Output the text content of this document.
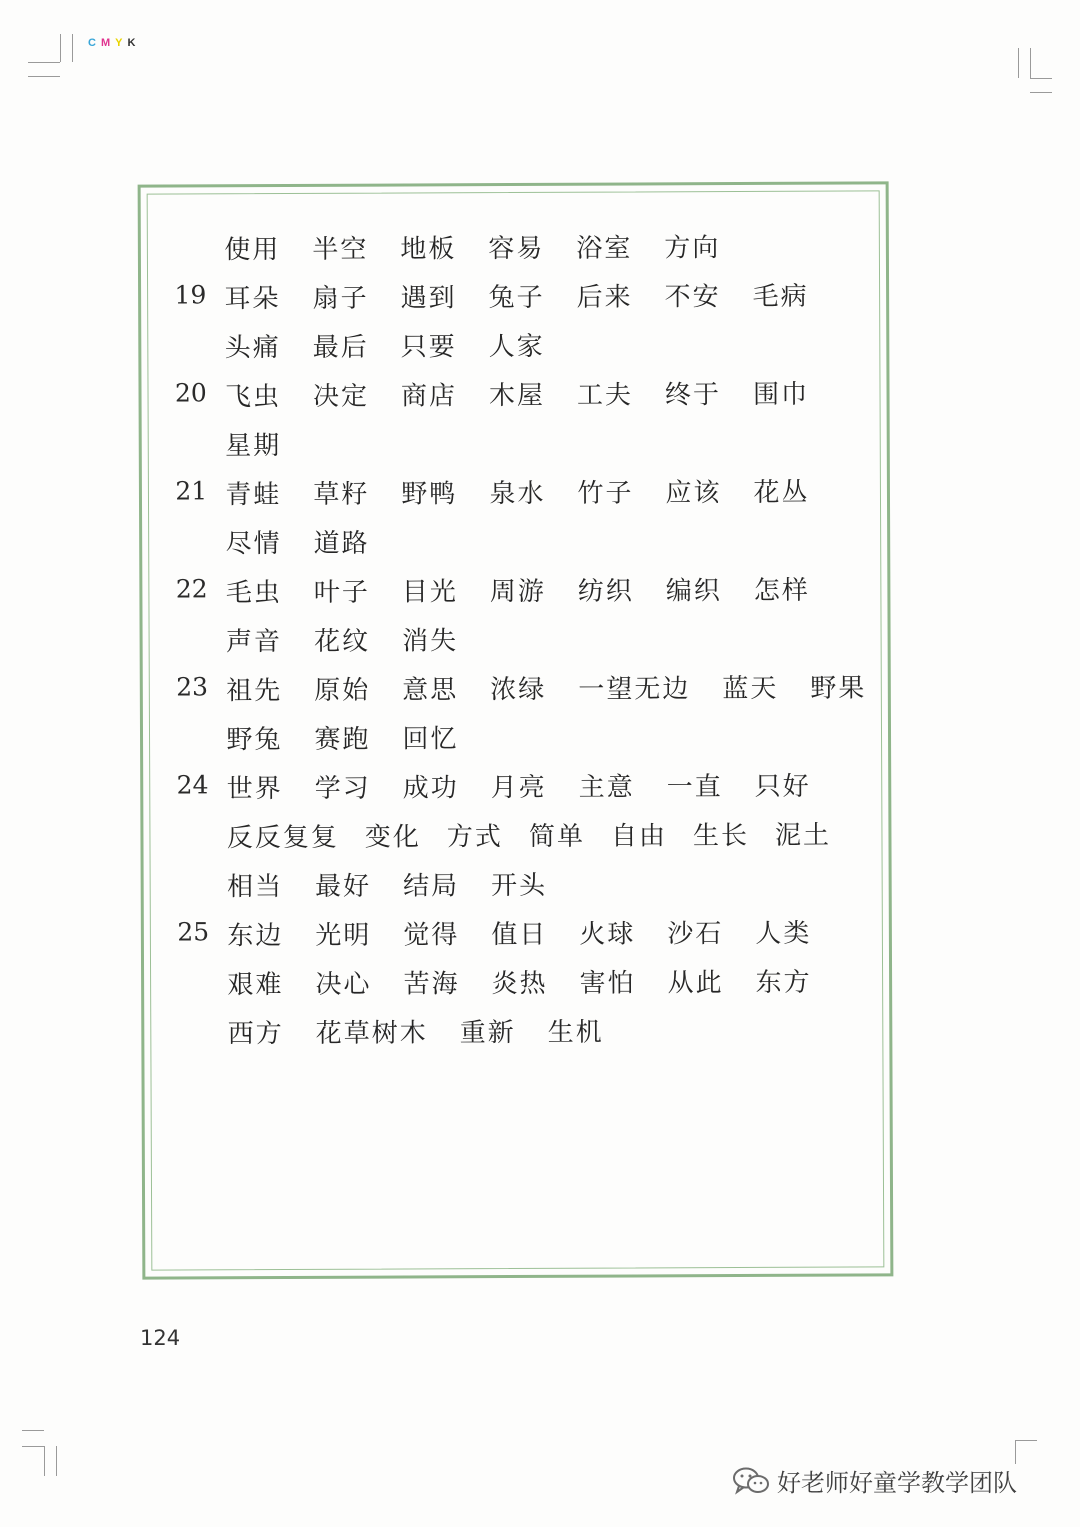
CMYK
使用 半空 地板 容易 浴室 方向
19 耳朵 扇子 遇到 兔子 后来 不安 毛病
头痛 最后 只要 人家
20 飞虫 决定 商店 木屋 工夫 终于 围巾
星期
21 青蛙 草籽 野鸭 泉水 竹子 应该 花丛
尽情 道路
22 毛虫 叶子 目光 周游 纺织 编织 怎样
声音 花纹 消失
23 祖先 原始 意思 浓绿 一望无边 蓝天 野果
野兔 赛跑 回忆
24 世界 学习 成功 月亮 主意 一直 只好
反反复复 变化 方式 简单 自由 生长 泥土
相当 最好 结局 开头
25 东边 光明 觉得 值日 火球 沙石 人类
艰难 决心 苦海 炎热 害怕 从此 东方
西方 花草树木 重新 生机
124
好老师好童学教学团队
